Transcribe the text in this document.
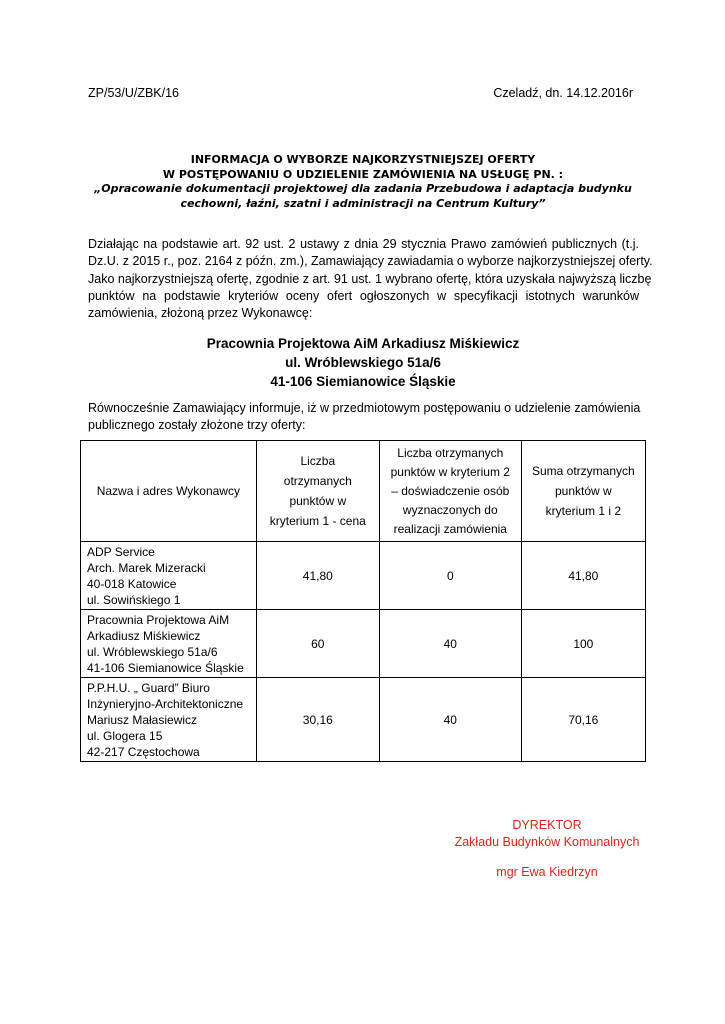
ZP/53/U/ZBK/16	Czeladź, dn. 14.12.2016r
INFORMACJA O WYBORZE NAJKORZYSTNIEJSZEJ OFERTY
W POSTĘPOWANIU O UDZIELENIE ZAMÓWIENIA NA USŁUGĘ PN. :
„Opracowanie dokumentacji projektowej dla zadania Przebudowa i adaptacja budynku
cechowni, łaźni, szatni i administracji na Centrum Kultury”
Działając na podstawie art. 92 ust. 2 ustawy z dnia 29 stycznia Prawo zamówień publicznych (t.j.
Dz.U. z 2015 r., poz. 2164 z późn. zm.), Zamawiający zawiadamia o wyborze najkorzystniejszej oferty.
Jako najkorzystniejszą ofertę, zgodnie z art. 91 ust. 1 wybrano ofertę, która uzyskała najwyższą liczbę
punktów na podstawie kryteriów oceny ofert ogłoszonych w specyfikacji istotnych warunków
zamówienia, złożoną przez Wykonawcę:
Pracownia Projektowa AiM Arkadiusz Miśkiewicz
ul. Wróblewskiego 51a/6
41-106 Siemianowice Śląskie
Równocześnie Zamawiający informuje, iż w przedmiotowym postępowaniu o udzielenie zamówienia
publicznego zostały złożone trzy oferty:
Nazwa i adres Wykonawcy	Liczba
otrzymanych
punktów w
kryterium 1 - cena	Liczba otrzymanych
punktów w kryterium 2
– doświadczenie osób
wyznaczonych do
realizacji zamówienia	Suma otrzymanych
punktów w
kryterium 1 i 2

ADP Service
Arch. Marek Mizeracki
40-018 Katowice
ul. Sowińskiego 1	41,80	0	41,80

Pracownia Projektowa AiM
Arkadiusz Miśkiewicz
ul. Wróblewskiego 51a/6
41-106 Siemianowice Śląskie	60	40	100

P.P.H.U. „ Guard” Biuro
Inżynieryjno-Architektoniczne
Mariusz Małasiewicz
ul. Glogera 15
42-217 Częstochowa	30,16	40	70,16
DYREKTOR
Zakładu Budynków Komunalnych
mgr Ewa Kiedrzyn
